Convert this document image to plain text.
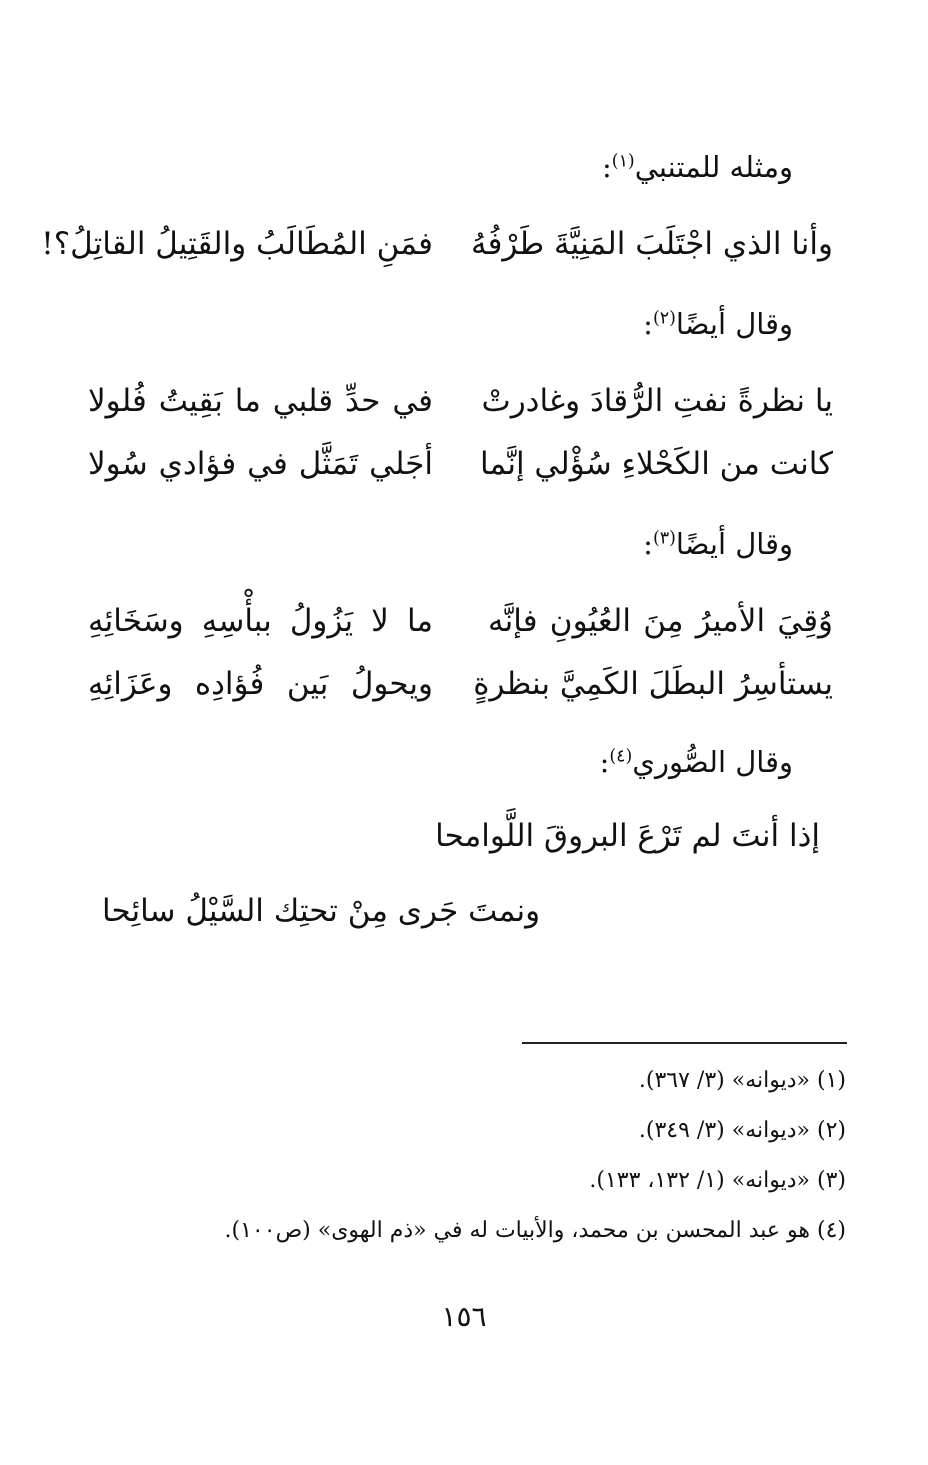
ومثله للمتنبي$^{(١)}$:
وأنا الذي اجْتَلَبَ المَنِيَّةَ طَرْفُهُ
فمَنِ المُطَالَبُ والقَتِيلُ القاتِلُ؟!
وقال أيضًا$^{(٢)}$:
يا نظرةً نفتِ الرُّقادَ وغادرتْ
في حدِّ قلبي ما بَقِيتُ فُلولا
كانت من الكَحْلاءِ سُؤْلي إنَّما
أجَلي تَمَثَّل في فؤادي سُولا
وقال أيضًا$^{(٣)}$:
وُقِيَ الأميرُ مِنَ العُيُونِ فإنَّه
ما لا يَزُولُ ببأْسِهِ وسَخَائِهِ
يستأسِرُ البطَلَ الكَمِيَّ بنظرةٍ
ويحولُ بَين فُؤادِه وعَزَائِهِ
وقال الصُّوري$^{(٤)}$:
إذا أنتَ لم تَرْعَ البروقَ اللَّوامحا
ونمتَ جَرى مِنْ تحتِك السَّيْلُ سائِحا
(١) «ديوانه» (٣/ ٣٦٧).
(٢) «ديوانه» (٣/ ٣٤٩).
(٣) «ديوانه» (١/ ١٣٢، ١٣٣).
(٤) هو عبد المحسن بن محمد، والأبيات له في «ذم الهوى» (ص١٠٠).
١٥٦
